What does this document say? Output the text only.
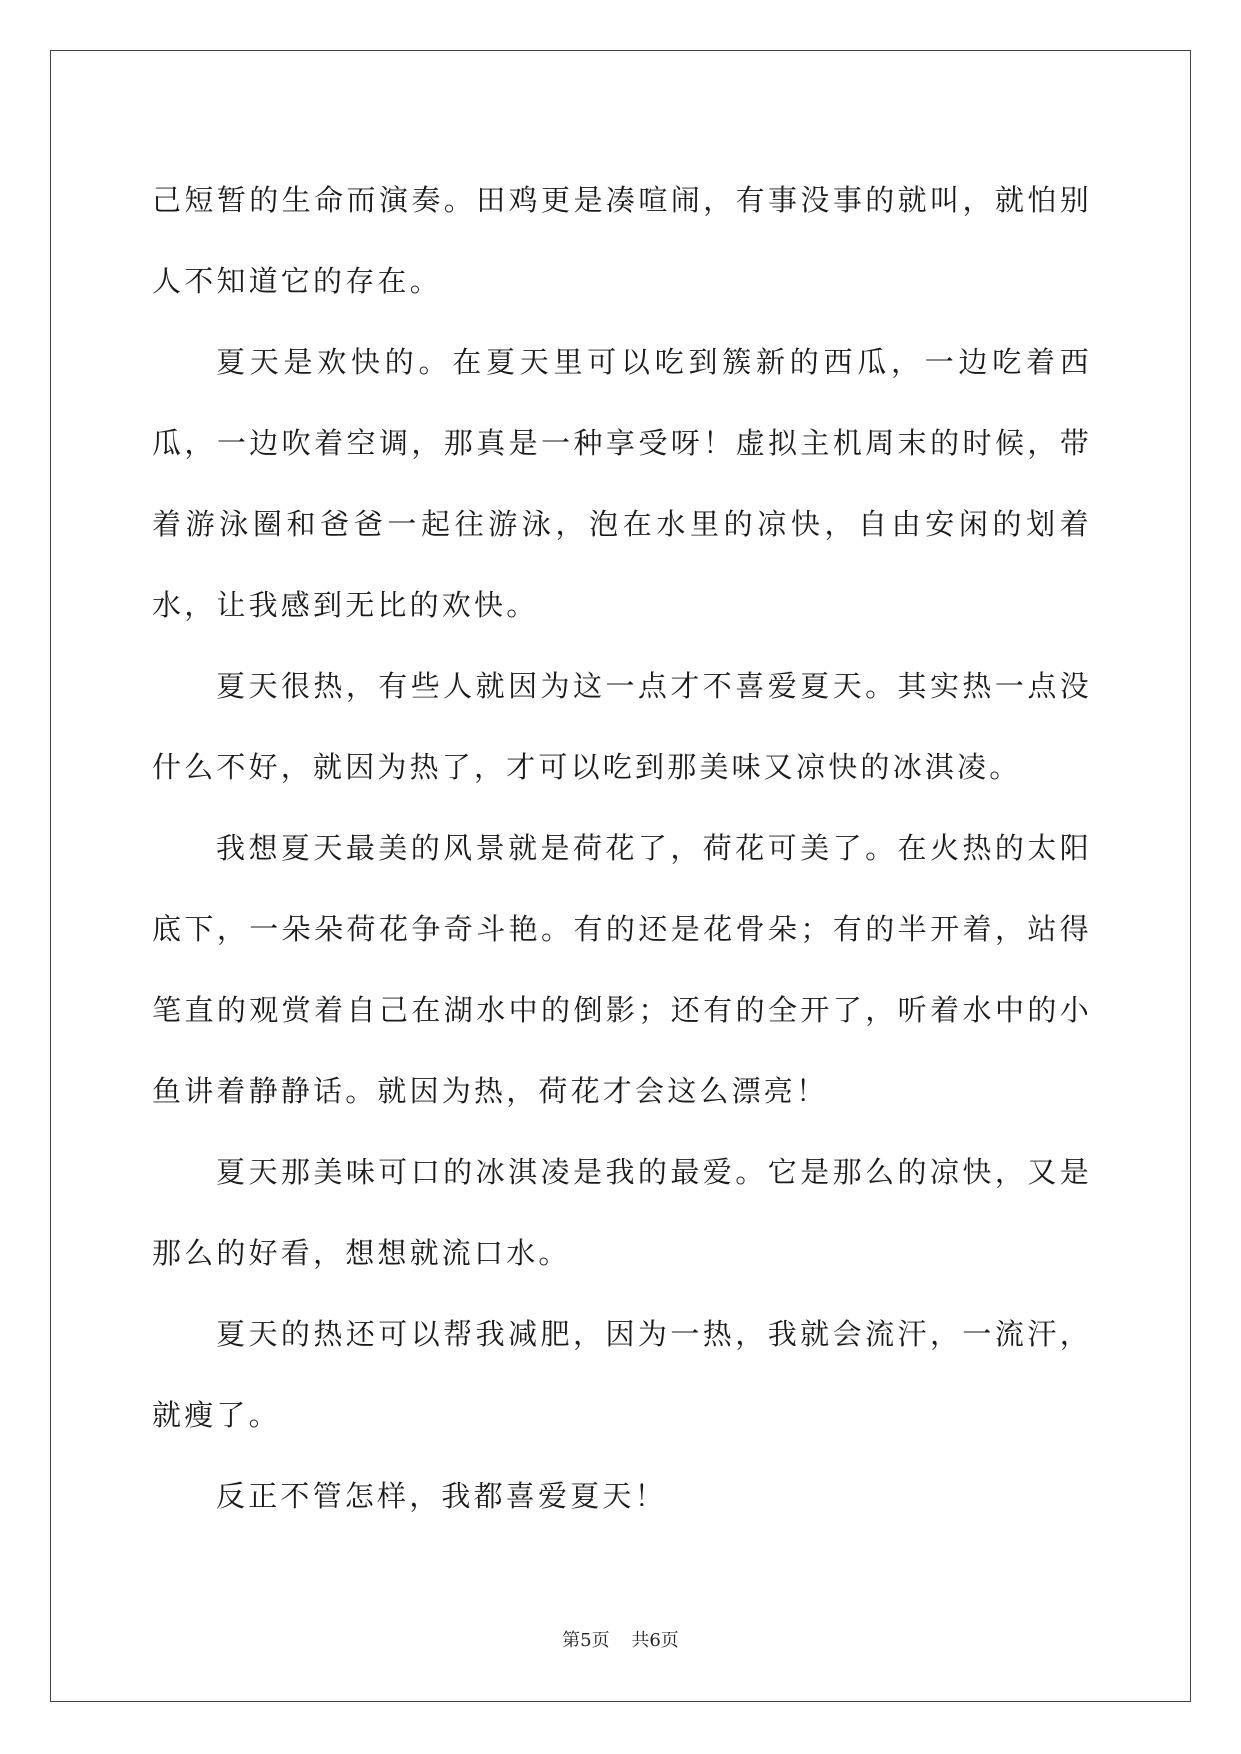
己短暂的生命而演奏。田鸡更是凑喧闹，有事没事的就叫，就怕别人不知道它的存在。

夏天是欢快的。在夏天里可以吃到簇新的西瓜，一边吃着西瓜，一边吹着空调，那真是一种享受呀！虚拟主机周末的时候，带着游泳圈和爸爸一起往游泳，泡在水里的凉快，自由安闲的划着水，让我感到无比的欢快。

夏天很热，有些人就因为这一点才不喜爱夏天。其实热一点没什么不好，就因为热了，才可以吃到那美味又凉快的冰淇凌。

我想夏天最美的风景就是荷花了，荷花可美了。在火热的太阳底下，一朵朵荷花争奇斗艳。有的还是花骨朵；有的半开着，站得笔直的观赏着自己在湖水中的倒影；还有的全开了，听着水中的小鱼讲着静静话。就因为热，荷花才会这么漂亮！

夏天那美味可口的冰淇凌是我的最爱。它是那么的凉快，又是那么的好看，想想就流口水。

夏天的热还可以帮我减肥，因为一热，我就会流汗，一流汗，就瘦了。

反正不管怎样，我都喜爱夏天！

第5页 共6页
